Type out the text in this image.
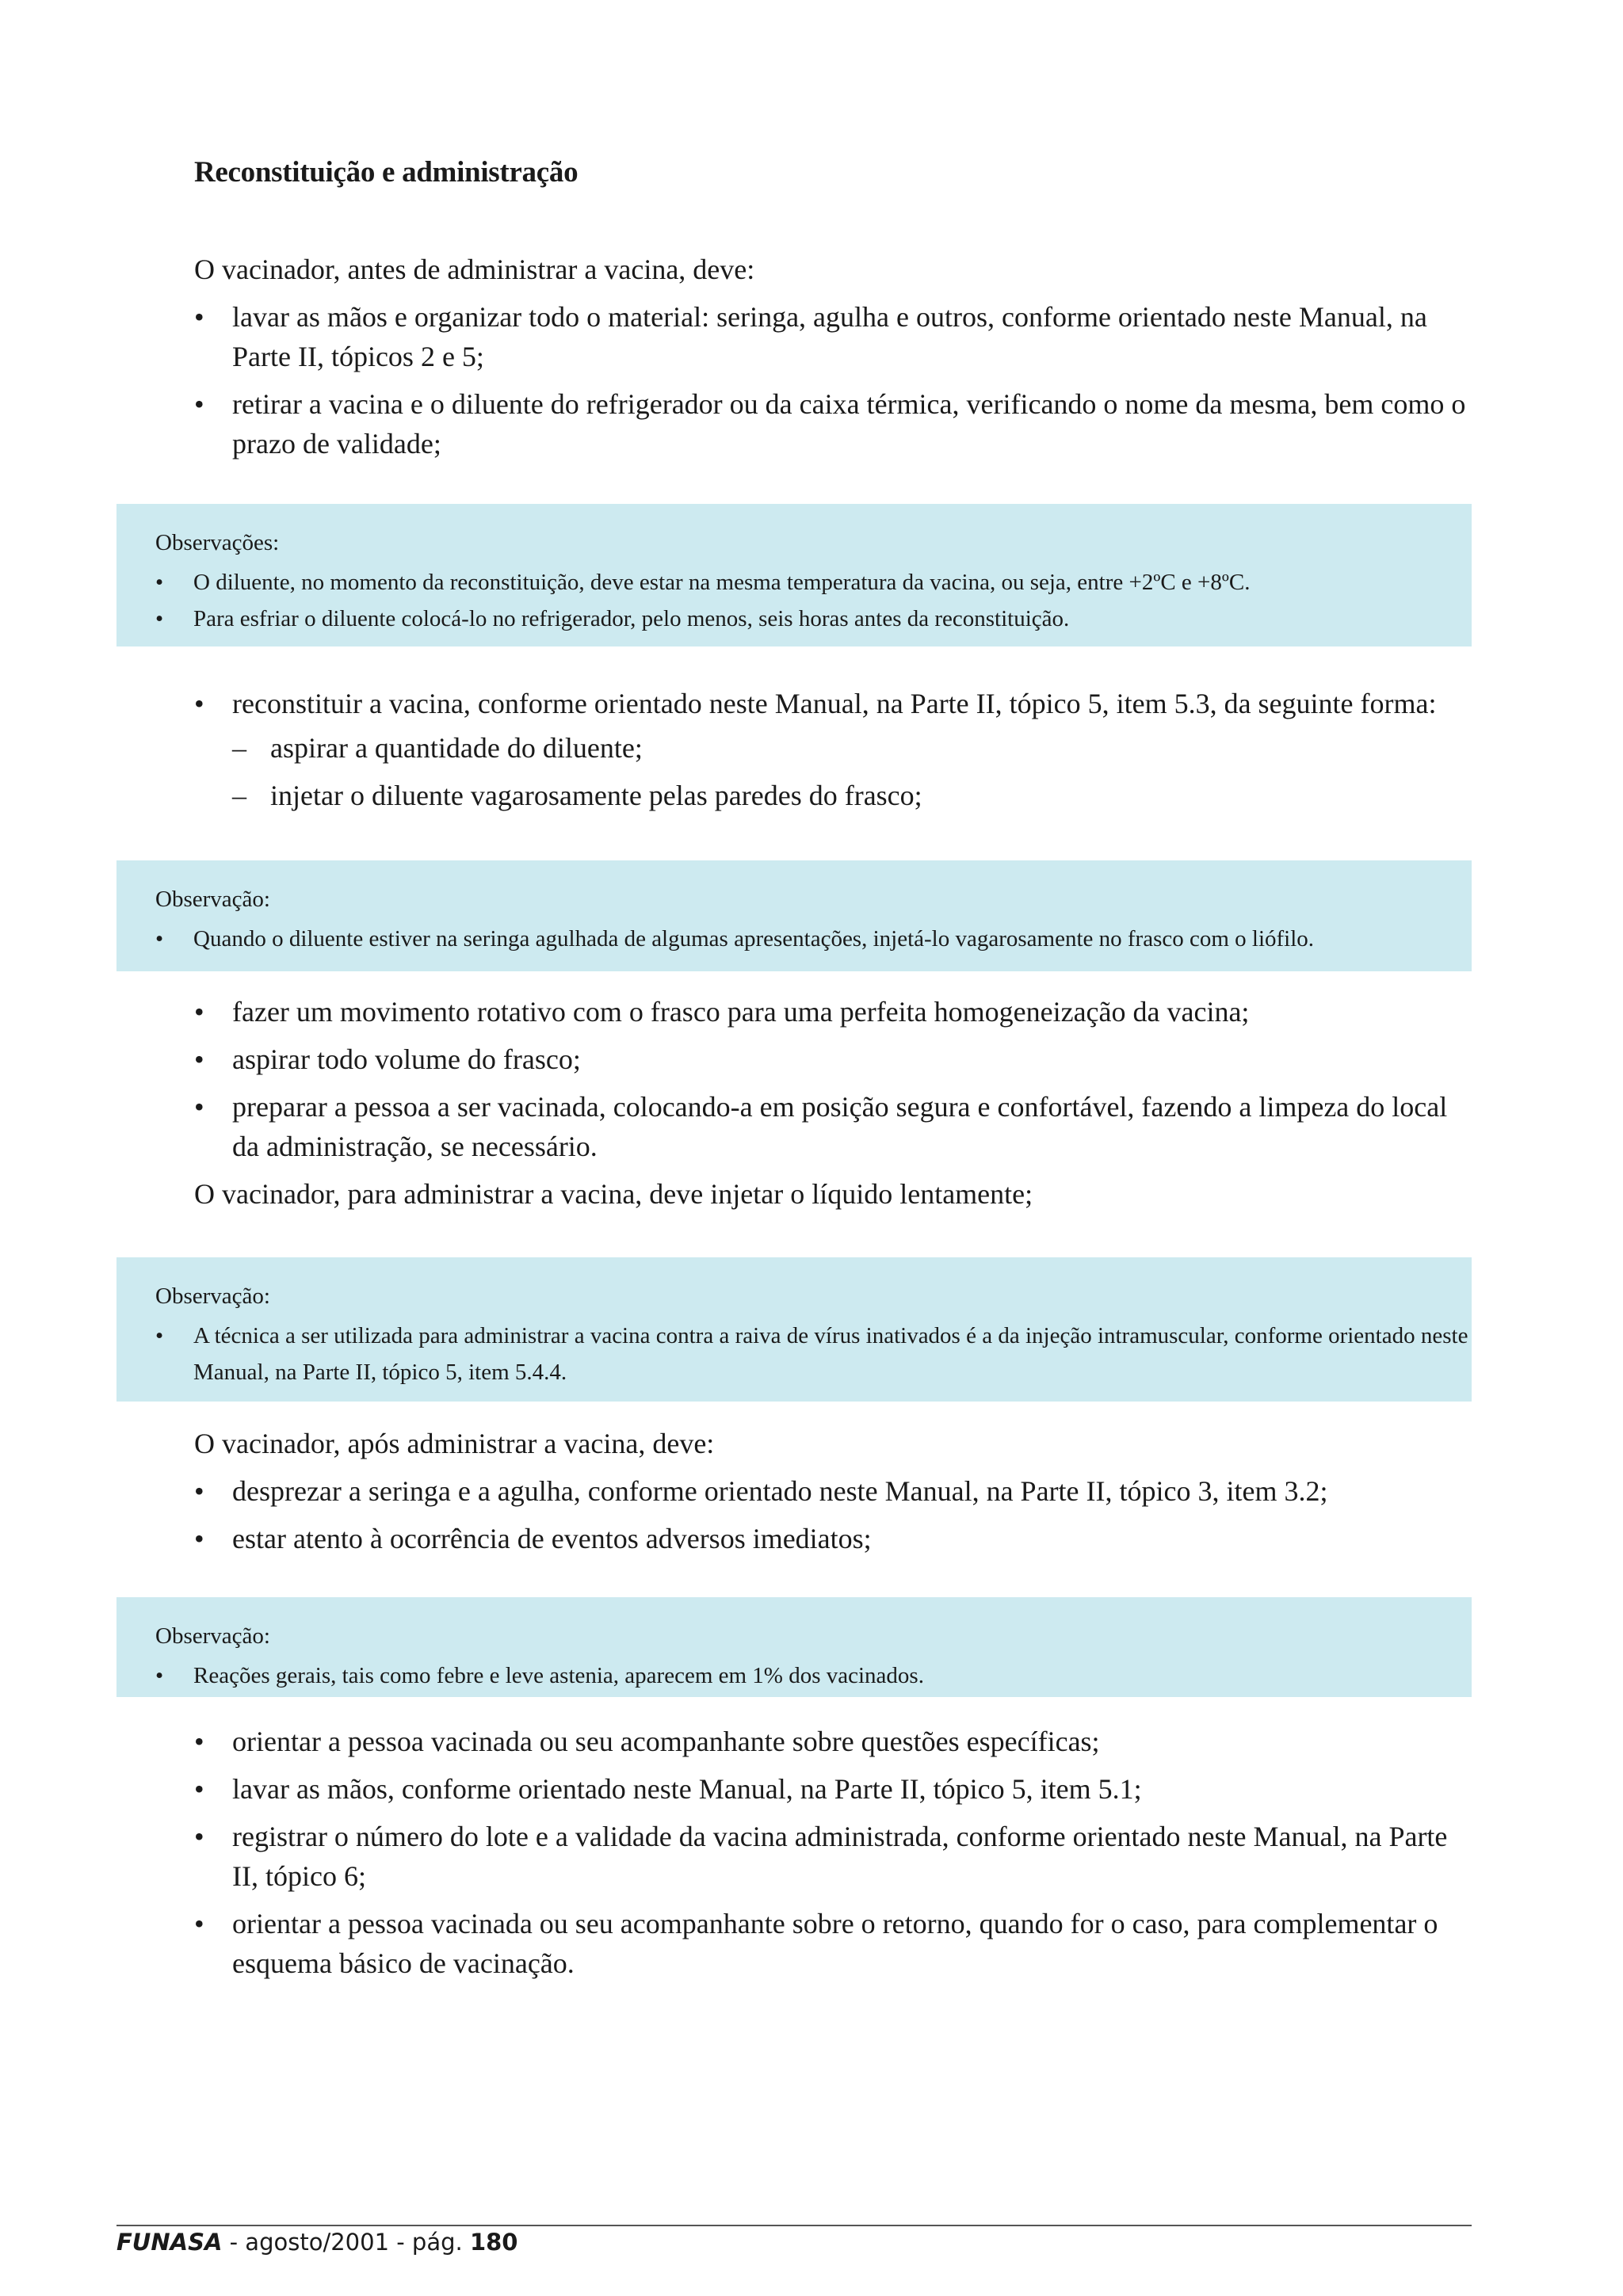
Reconstituição e administração

O vacinador, antes de administrar a vacina, deve:

• lavar as mãos e organizar todo o material: seringa, agulha e outros, conforme orientado neste Manual, na Parte II, tópicos 2 e 5;
• retirar a vacina e o diluente do refrigerador ou da caixa térmica, verificando o nome da mesma, bem como o prazo de validade;

Observações:

• O diluente, no momento da reconstituição, deve estar na mesma temperatura da vacina, ou seja, entre +2ºC e +8ºC.
• Para esfriar o diluente colocá-lo no refrigerador, pelo menos, seis horas antes da reconstituição.
• reconstituir a vacina, conforme orientado neste Manual, na Parte II, tópico 5, item 5.3, da seguinte forma:
– aspirar a quantidade do diluente;
– injetar o diluente vagarosamente pelas paredes do frasco;

Observação:

• Quando o diluente estiver na seringa agulhada de algumas apresentações, injetá-lo vagarosamente no frasco com o liófilo.
• fazer um movimento rotativo com o frasco para uma perfeita homogeneização da vacina;
• aspirar todo volume do frasco;
• preparar a pessoa a ser vacinada, colocando-a em posição segura e confortável, fazendo a limpeza do local da administração, se necessário.

O vacinador, para administrar a vacina, deve injetar o líquido lentamente;

Observação:

• A técnica a ser utilizada para administrar a vacina contra a raiva de vírus inativados é a da injeção intramuscular, conforme orientado neste Manual, na Parte II, tópico 5, item 5.4.4.

O vacinador, após administrar a vacina, deve:

• desprezar a seringa e a agulha, conforme orientado neste Manual, na Parte II, tópico 3, item 3.2;
• estar atento à ocorrência de eventos adversos imediatos;

Observação:

• Reações gerais, tais como febre e leve astenia, aparecem em 1% dos vacinados.
• orientar a pessoa vacinada ou seu acompanhante sobre questões específicas;
• lavar as mãos, conforme orientado neste Manual, na Parte II, tópico 5, item 5.1;
• registrar o número do lote e a validade da vacina administrada, conforme orientado neste Manual, na Parte II, tópico 6;
• orientar a pessoa vacinada ou seu acompanhante sobre o retorno, quando for o caso, para complementar o esquema básico de vacinação.
FUNASA - agosto/2001 - pág. 180
